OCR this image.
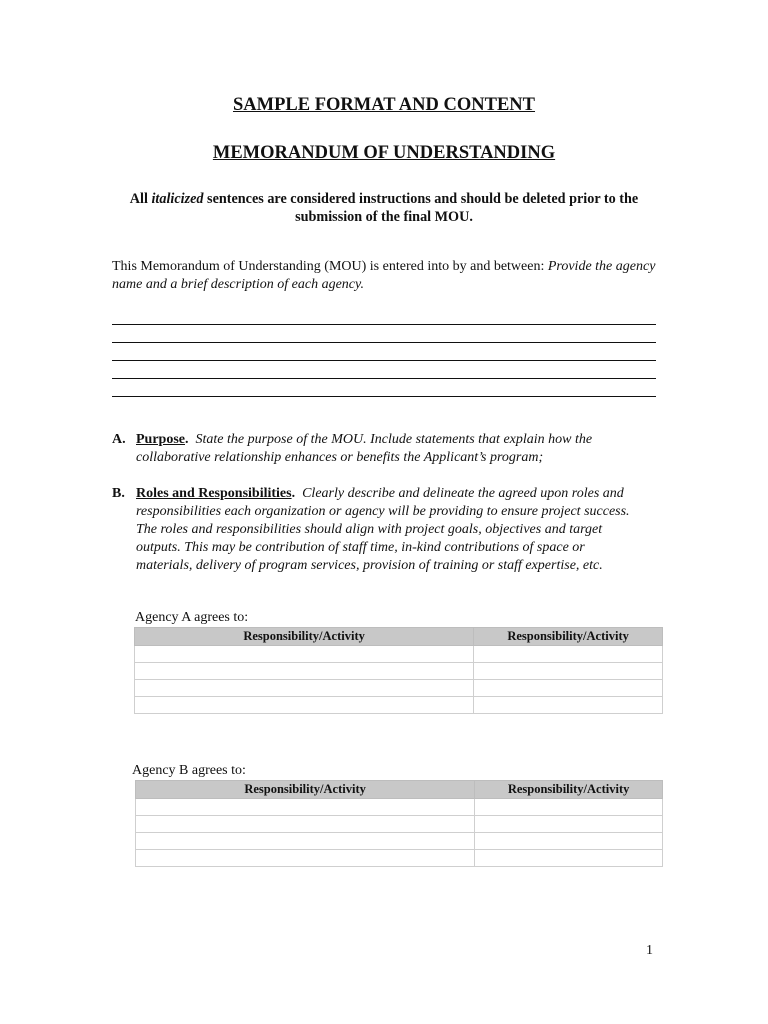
SAMPLE FORMAT AND CONTENT
MEMORANDUM OF UNDERSTANDING

All italicized sentences are considered instructions and should be deleted prior to the submission of the final MOU.

This Memorandum of Understanding (MOU) is entered into by and between: Provide the agency name and a brief description of each agency.

A. Purpose. State the purpose of the MOU. Include statements that explain how the collaborative relationship enhances or benefits the Applicant’s program;
B. Roles and Responsibilities. Clearly describe and delineate the agreed upon roles and responsibilities each organization or agency will be providing to ensure project success. The roles and responsibilities should align with project goals, objectives and target outputs. This may be contribution of staff time, in-kind contributions of space or materials, delivery of program services, provision of training or staff expertise, etc.

Agency A agrees to:

Responsibility/Activity	Responsibility/Activity

Agency B agrees to:

Responsibility/Activity	Responsibility/Activity

1
